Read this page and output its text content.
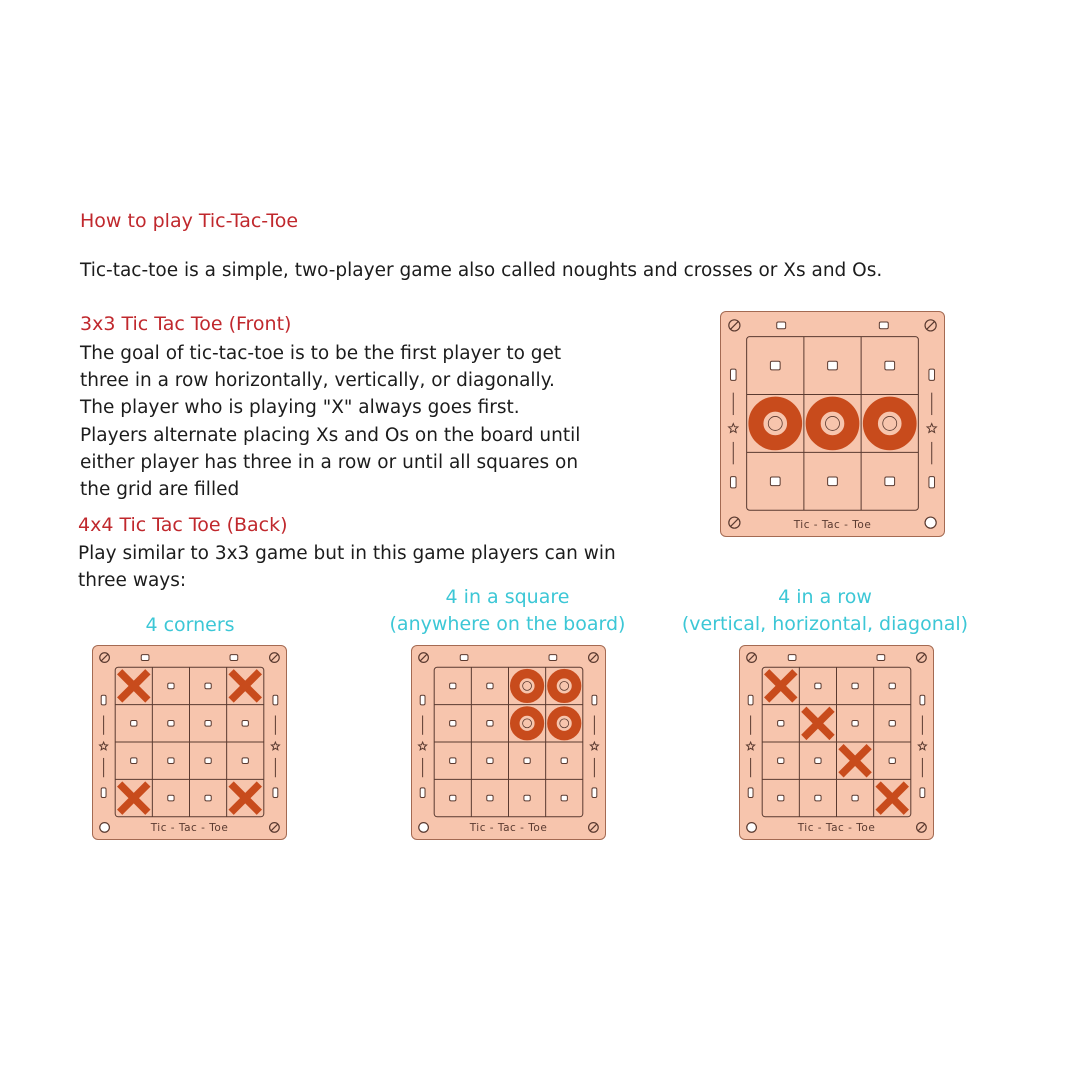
How to play Tic-Tac-Toe

Tic-tac-toe is a simple, two-player game also called noughts and crosses or Xs and Os.

3x3 Tic Tac Toe (Front)

The goal of tic-tac-toe is to be the first player to get
three in a row horizontally, vertically, or diagonally.
The player who is playing "X" always goes first.
Players alternate placing Xs and Os on the board until
either player has three in a row or until all squares on
the grid are filled

4x4 Tic Tac Toe (Back)

Play similar to 3x3 game but in this game players can win
three ways:
4 corners
4 in a square
(anywhere on the board)
4 in a row
(vertical, horizontal, diagonal)
Tic - Tac - Toe
Tic - Tac - Toe	Tic - Tac - Toe	Tic - Tac - Toe
